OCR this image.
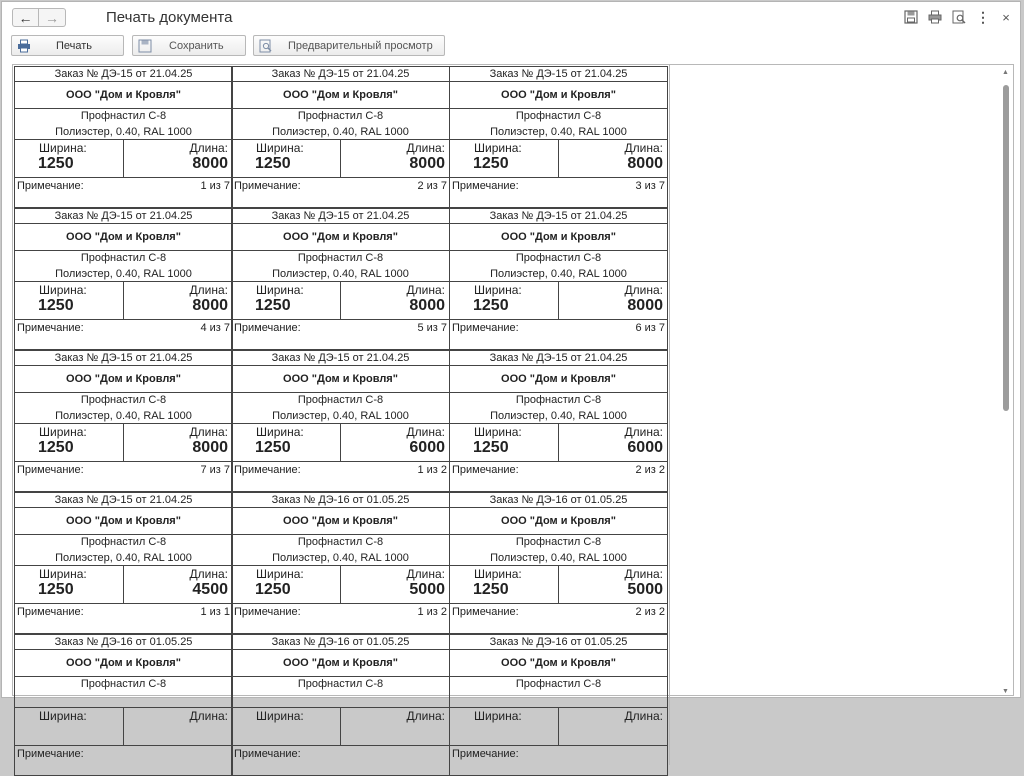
← →	Печать документа	⋮ ×
Печать	Сохранить	Предварительный просмотр
Заказ № ДЭ-15 от 21.04.25
ООО "Дом и Кровля"
Профнастил С-8
Полиэстер, 0.40, RAL 1000
Ширина:
1250
Длина:
8000
Примечание:	1 из 7
Заказ № ДЭ-15 от 21.04.25
ООО "Дом и Кровля"
Профнастил С-8
Полиэстер, 0.40, RAL 1000
Ширина:
1250
Длина:
8000
Примечание:	2 из 7
Заказ № ДЭ-15 от 21.04.25
ООО "Дом и Кровля"
Профнастил С-8
Полиэстер, 0.40, RAL 1000
Ширина:
1250
Длина:
8000
Примечание:	3 из 7
Заказ № ДЭ-15 от 21.04.25
ООО "Дом и Кровля"
Профнастил С-8
Полиэстер, 0.40, RAL 1000
Ширина:
1250
Длина:
8000
Примечание:	4 из 7
Заказ № ДЭ-15 от 21.04.25
ООО "Дом и Кровля"
Профнастил С-8
Полиэстер, 0.40, RAL 1000
Ширина:
1250
Длина:
8000
Примечание:	5 из 7
Заказ № ДЭ-15 от 21.04.25
ООО "Дом и Кровля"
Профнастил С-8
Полиэстер, 0.40, RAL 1000
Ширина:
1250
Длина:
8000
Примечание:	6 из 7
Заказ № ДЭ-15 от 21.04.25
ООО "Дом и Кровля"
Профнастил С-8
Полиэстер, 0.40, RAL 1000
Ширина:
1250
Длина:
8000
Примечание:	7 из 7
Заказ № ДЭ-15 от 21.04.25
ООО "Дом и Кровля"
Профнастил С-8
Полиэстер, 0.40, RAL 1000
Ширина:
1250
Длина:
6000
Примечание:	1 из 2
Заказ № ДЭ-15 от 21.04.25
ООО "Дом и Кровля"
Профнастил С-8
Полиэстер, 0.40, RAL 1000
Ширина:
1250
Длина:
6000
Примечание:	2 из 2
Заказ № ДЭ-15 от 21.04.25
ООО "Дом и Кровля"
Профнастил С-8
Полиэстер, 0.40, RAL 1000
Ширина:
1250
Длина:
4500
Примечание:	1 из 1
Заказ № ДЭ-16 от 01.05.25
ООО "Дом и Кровля"
Профнастил С-8
Полиэстер, 0.40, RAL 1000
Ширина:
1250
Длина:
5000
Примечание:	1 из 2
Заказ № ДЭ-16 от 01.05.25
ООО "Дом и Кровля"
Профнастил С-8
Полиэстер, 0.40, RAL 1000
Ширина:
1250
Длина:
5000
Примечание:	2 из 2
Заказ № ДЭ-16 от 01.05.25
ООО "Дом и Кровля"
Профнастил С-8
Ширина:	Длина:
Примечание:
Заказ № ДЭ-16 от 01.05.25
ООО "Дом и Кровля"
Профнастил С-8
Ширина:	Длина:
Примечание:
Заказ № ДЭ-16 от 01.05.25
ООО "Дом и Кровля"
Профнастил С-8
Ширина:	Длина:
Примечание:
▲
▼
